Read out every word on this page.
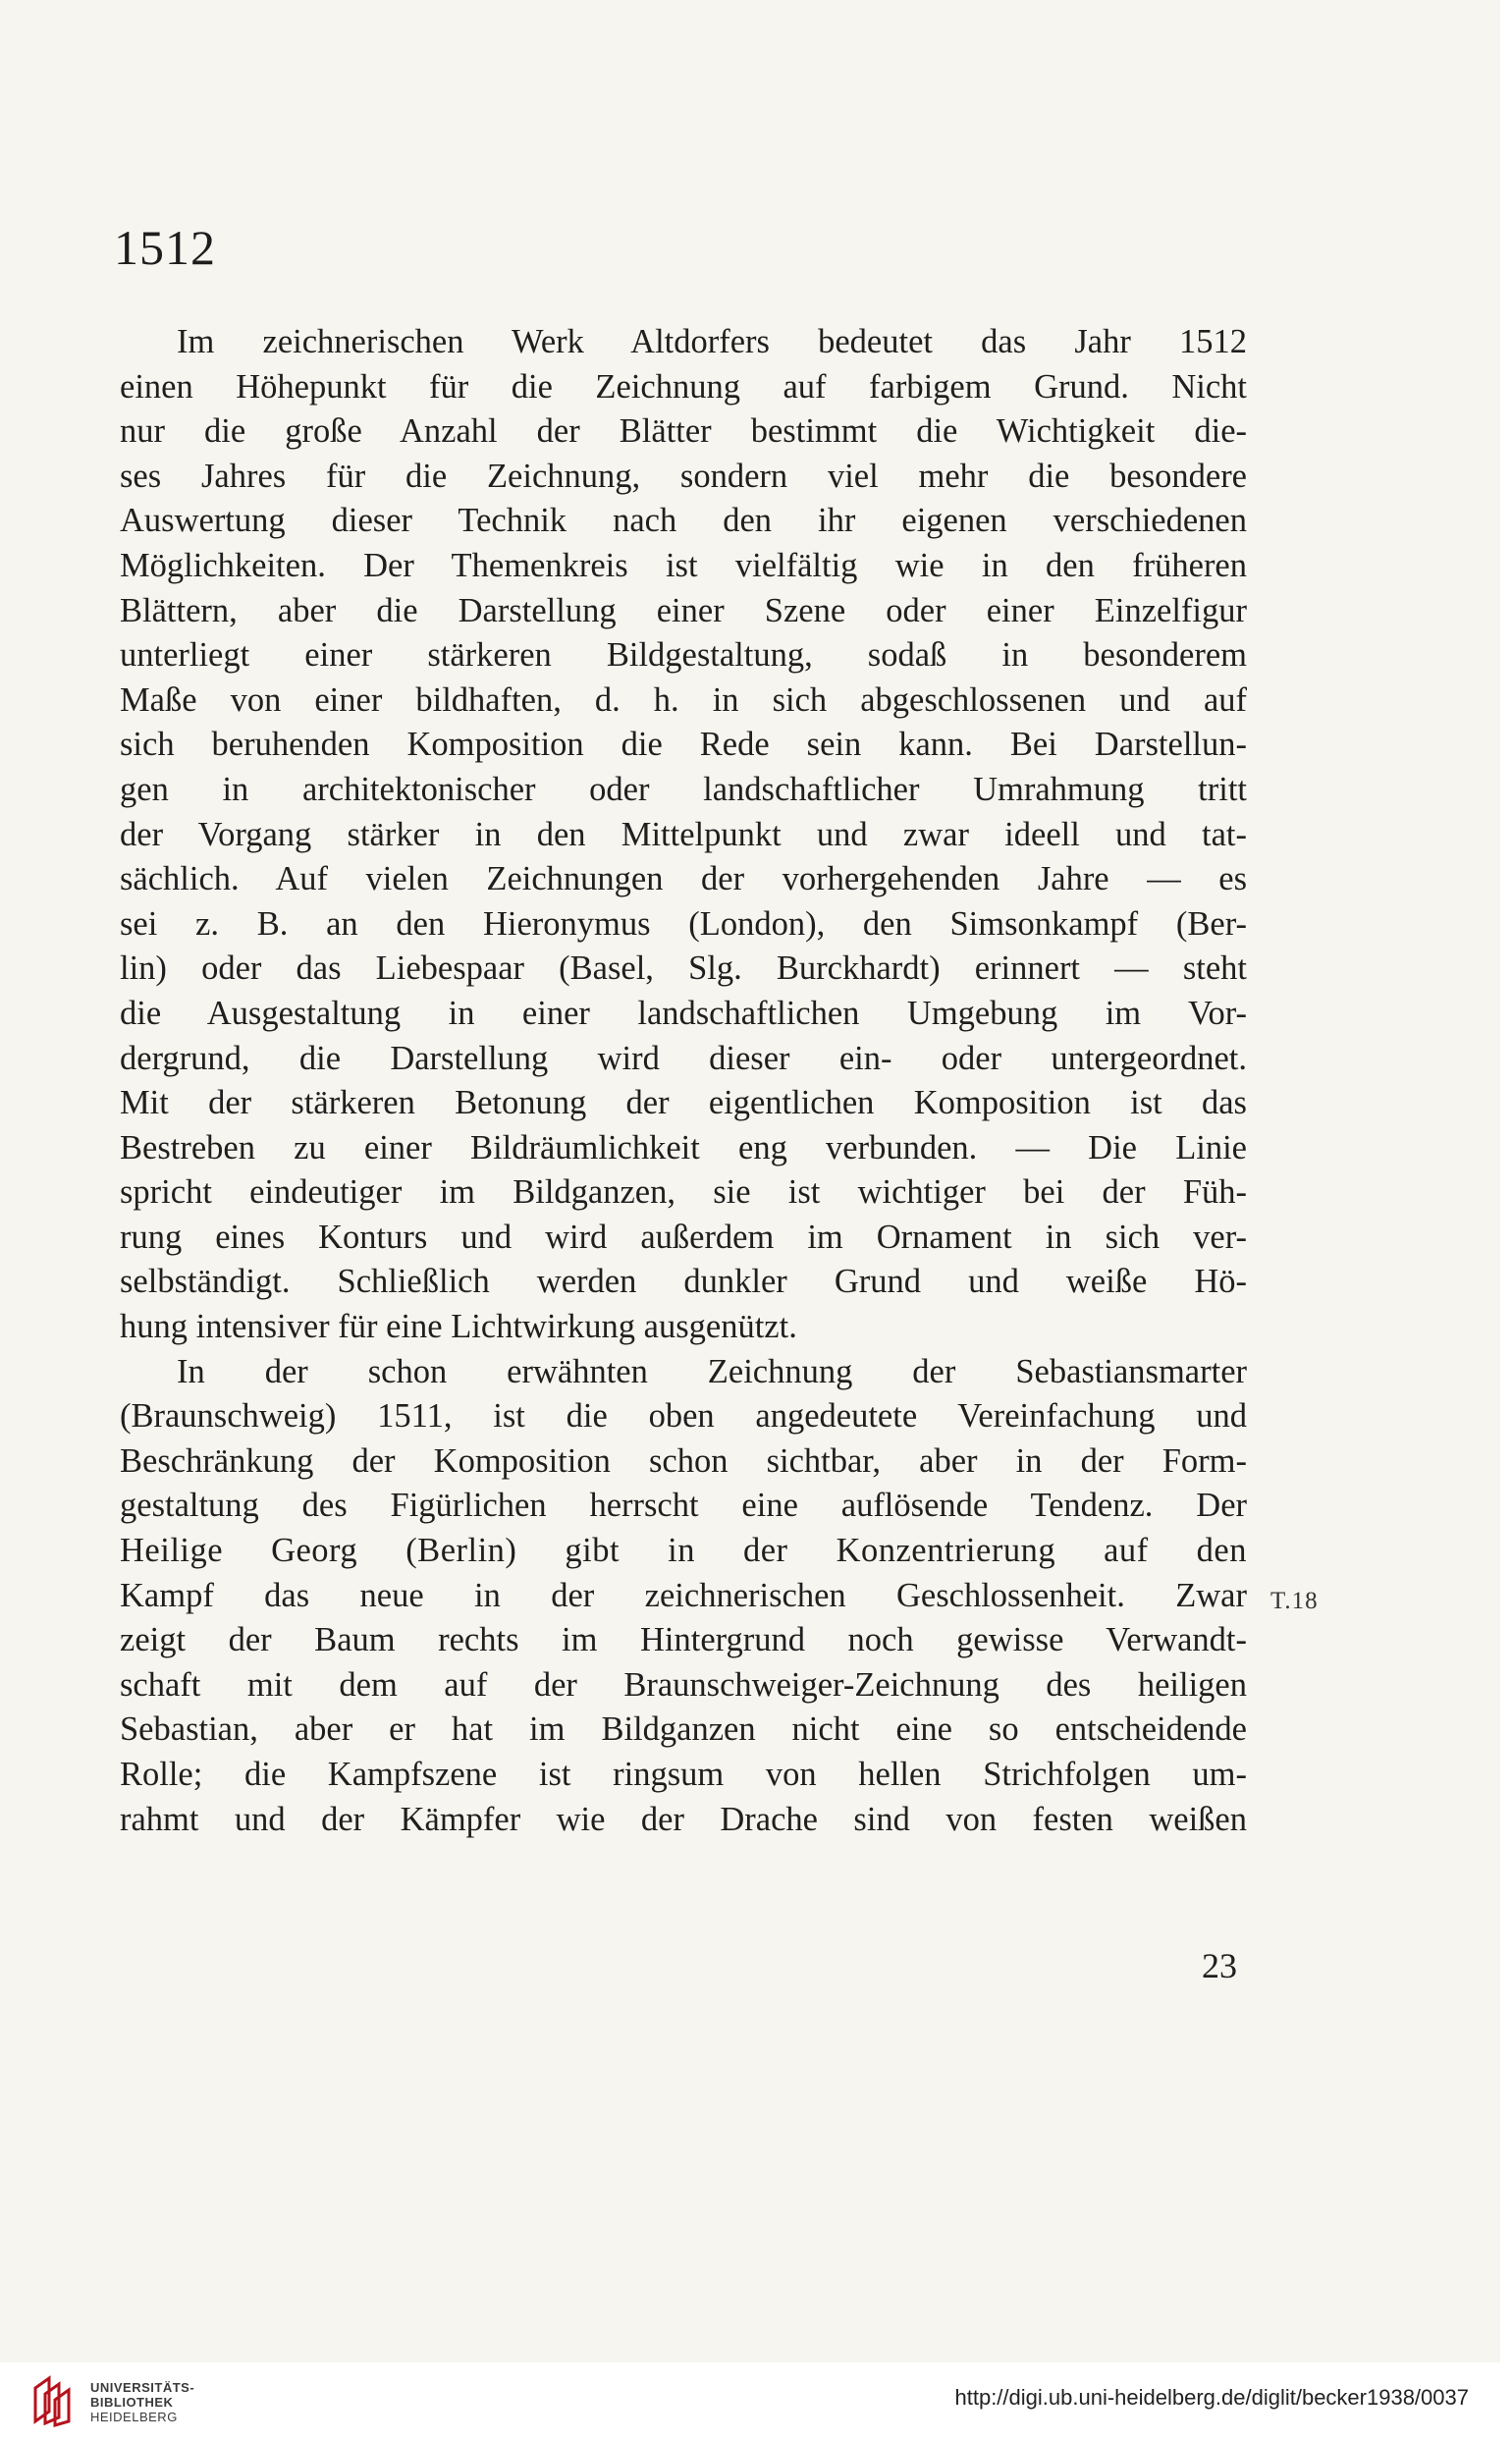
1512
Im zeichnerischen Werk Altdorfers bedeutet das Jahr 1512
einen Höhepunkt für die Zeichnung auf farbigem Grund. Nicht
nur die große Anzahl der Blätter bestimmt die Wichtigkeit die-
ses Jahres für die Zeichnung, sondern viel mehr die besondere
Auswertung dieser Technik nach den ihr eigenen verschiedenen
Möglichkeiten. Der Themenkreis ist vielfältig wie in den früheren
Blättern, aber die Darstellung einer Szene oder einer Einzelfigur
unterliegt einer stärkeren Bildgestaltung, sodaß in besonderem
Maße von einer bildhaften, d. h. in sich abgeschlossenen und auf
sich beruhenden Komposition die Rede sein kann. Bei Darstellun-
gen in architektonischer oder landschaftlicher Umrahmung tritt
der Vorgang stärker in den Mittelpunkt und zwar ideell und tat-
sächlich. Auf vielen Zeichnungen der vorhergehenden Jahre — es
sei z. B. an den Hieronymus (London), den Simsonkampf (Ber-
lin) oder das Liebespaar (Basel, Slg. Burckhardt) erinnert — steht
die Ausgestaltung in einer landschaftlichen Umgebung im Vor-
dergrund, die Darstellung wird dieser ein- oder untergeordnet.
Mit der stärkeren Betonung der eigentlichen Komposition ist das
Bestreben zu einer Bildräumlichkeit eng verbunden. — Die Linie
spricht eindeutiger im Bildganzen, sie ist wichtiger bei der Füh-
rung eines Konturs und wird außerdem im Ornament in sich ver-
selbständigt. Schließlich werden dunkler Grund und weiße Hö-
hung intensiver für eine Lichtwirkung ausgenützt.
In der schon erwähnten Zeichnung der Sebastiansmarter
(Braunschweig) 1511, ist die oben angedeutete Vereinfachung und
Beschränkung der Komposition schon sichtbar, aber in der Form-
gestaltung des Figürlichen herrscht eine auflösende Tendenz. Der
Heilige Georg (Berlin) gibt in der Konzentrierung auf den
Kampf das neue in der zeichnerischen Geschlossenheit. Zwar
zeigt der Baum rechts im Hintergrund noch gewisse Verwandt-
schaft mit dem auf der Braunschweiger-Zeichnung des heiligen
Sebastian, aber er hat im Bildganzen nicht eine so entscheidende
Rolle; die Kampfszene ist ringsum von hellen Strichfolgen um-
rahmt und der Kämpfer wie der Drache sind von festen weißen
T.18
23
UNIVERSITÄTS-
BIBLIOTHEK
HEIDELBERG
http://digi.ub.uni-heidelberg.de/diglit/becker1938/0037
